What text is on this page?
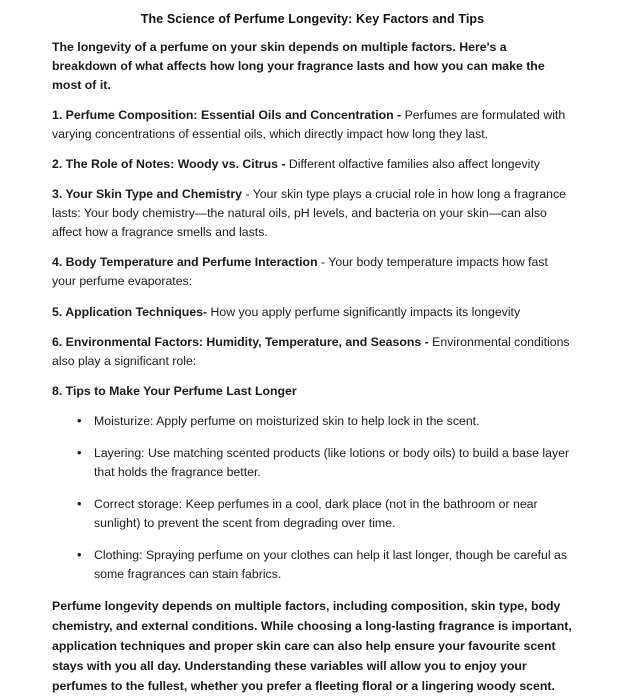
The Science of Perfume Longevity: Key Factors and Tips

The longevity of a perfume on your skin depends on multiple factors. Here's a breakdown of what affects how long your fragrance lasts and how you can make the most of it.

1. Perfume Composition: Essential Oils and Concentration - Perfumes are formulated with varying concentrations of essential oils, which directly impact how long they last.

2. The Role of Notes: Woody vs. Citrus - Different olfactive families also affect longevity

3. Your Skin Type and Chemistry - Your skin type plays a crucial role in how long a fragrance lasts: Your body chemistry—the natural oils, pH levels, and bacteria on your skin—can also affect how a fragrance smells and lasts.

4. Body Temperature and Perfume Interaction - Your body temperature impacts how fast your perfume evaporates:

5. Application Techniques- How you apply perfume significantly impacts its longevity

6. Environmental Factors: Humidity, Temperature, and Seasons - Environmental conditions also play a significant role:

8. Tips to Make Your Perfume Last Longer

• Moisturize: Apply perfume on moisturized skin to help lock in the scent.
• Layering: Use matching scented products (like lotions or body oils) to build a base layer that holds the fragrance better.
• Correct storage: Keep perfumes in a cool, dark place (not in the bathroom or near sunlight) to prevent the scent from degrading over time.
• Clothing: Spraying perfume on your clothes can help it last longer, though be careful as some fragrances can stain fabrics.

Perfume longevity depends on multiple factors, including composition, skin type, body chemistry, and external conditions. While choosing a long-lasting fragrance is important, application techniques and proper skin care can also help ensure your favourite scent stays with you all day. Understanding these variables will allow you to enjoy your perfumes to the fullest, whether you prefer a fleeting floral or a lingering woody scent.
